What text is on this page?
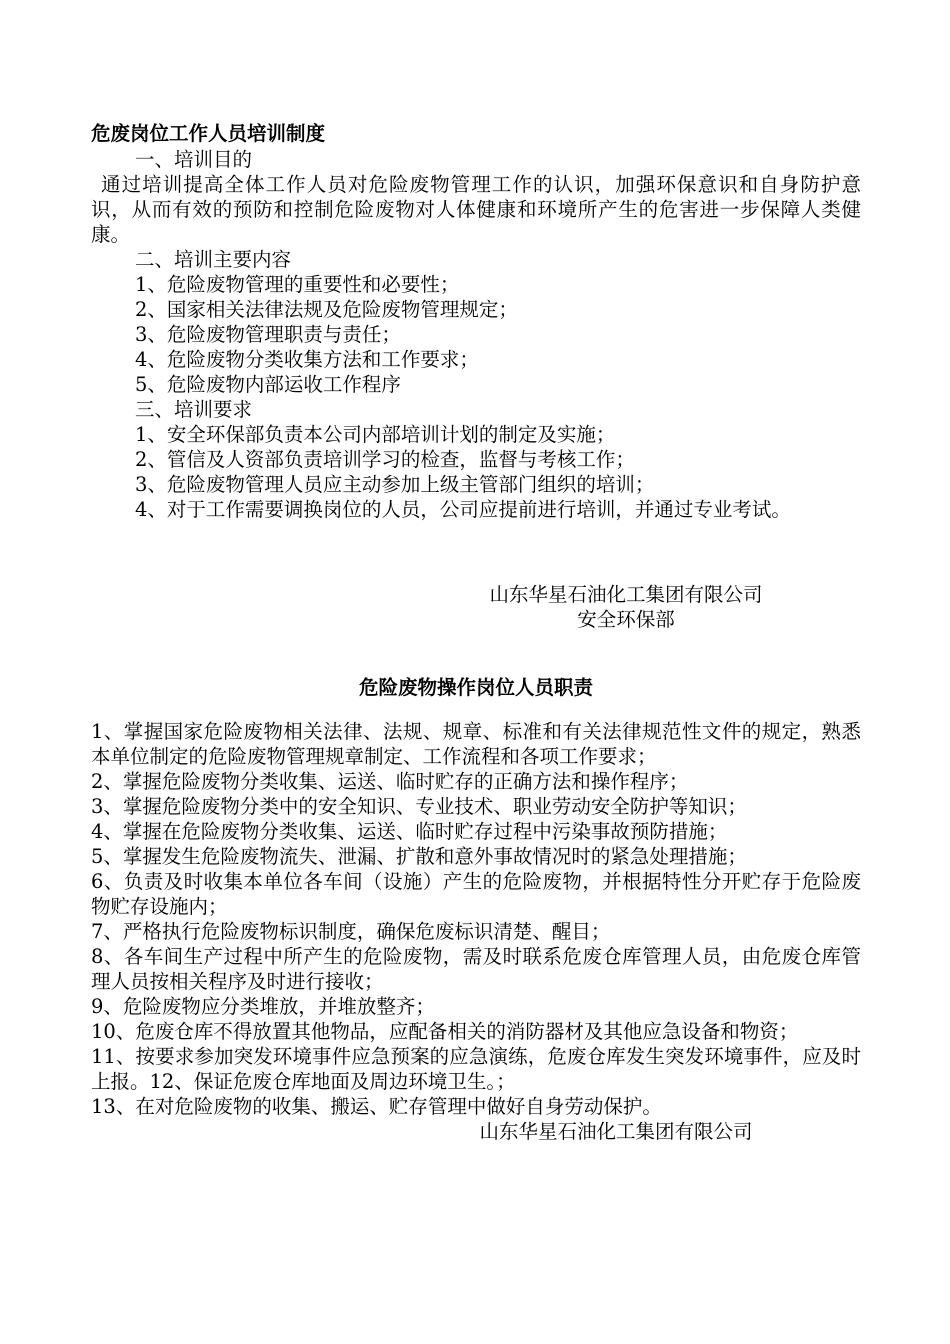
危废岗位工作人员培训制度

一、培训目的

通过培训提高全体工作人员对危险废物管理工作的认识，加强环保意识和自身防护意识，从而有效的预防和控制危险废物对人体健康和环境所产生的危害进一步保障人类健康。

二、培训主要内容

1、危险废物管理的重要性和必要性；

2、国家相关法律法规及危险废物管理规定；

3、危险废物管理职责与责任；

4、危险废物分类收集方法和工作要求；

5、危险废物内部运收工作程序

三、培训要求

1、安全环保部负责本公司内部培训计划的制定及实施；

2、管信及人资部负责培训学习的检查，监督与考核工作；

3、危险废物管理人员应主动参加上级主管部门组织的培训；

4、对于工作需要调换岗位的人员，公司应提前进行培训，并通过专业考试。

山东华星石油化工集团有限公司

安全环保部

危险废物操作岗位人员职责

1、掌握国家危险废物相关法律、法规、规章、标准和有关法律规范性文件的规定，熟悉本单位制定的危险废物管理规章制定、工作流程和各项工作要求；

2、掌握危险废物分类收集、运送、临时贮存的正确方法和操作程序；

3、掌握危险废物分类中的安全知识、专业技术、职业劳动安全防护等知识；

4、掌握在危险废物分类收集、运送、临时贮存过程中污染事故预防措施；

5、掌握发生危险废物流失、泄漏、扩散和意外事故情况时的紧急处理措施；

6、负责及时收集本单位各车间（设施）产生的危险废物，并根据特性分开贮存于危险废物贮存设施内；

7、严格执行危险废物标识制度，确保危废标识清楚、醒目；

8、各车间生产过程中所产生的危险废物，需及时联系危废仓库管理人员，由危废仓库管理人员按相关程序及时进行接收；

9、危险废物应分类堆放，并堆放整齐；

10、危废仓库不得放置其他物品，应配备相关的消防器材及其他应急设备和物资；

11、按要求参加突发环境事件应急预案的应急演练，危废仓库发生突发环境事件，应及时上报。12、保证危废仓库地面及周边环境卫生。；

13、在对危险废物的收集、搬运、贮存管理中做好自身劳动保护。

山东华星石油化工集团有限公司
